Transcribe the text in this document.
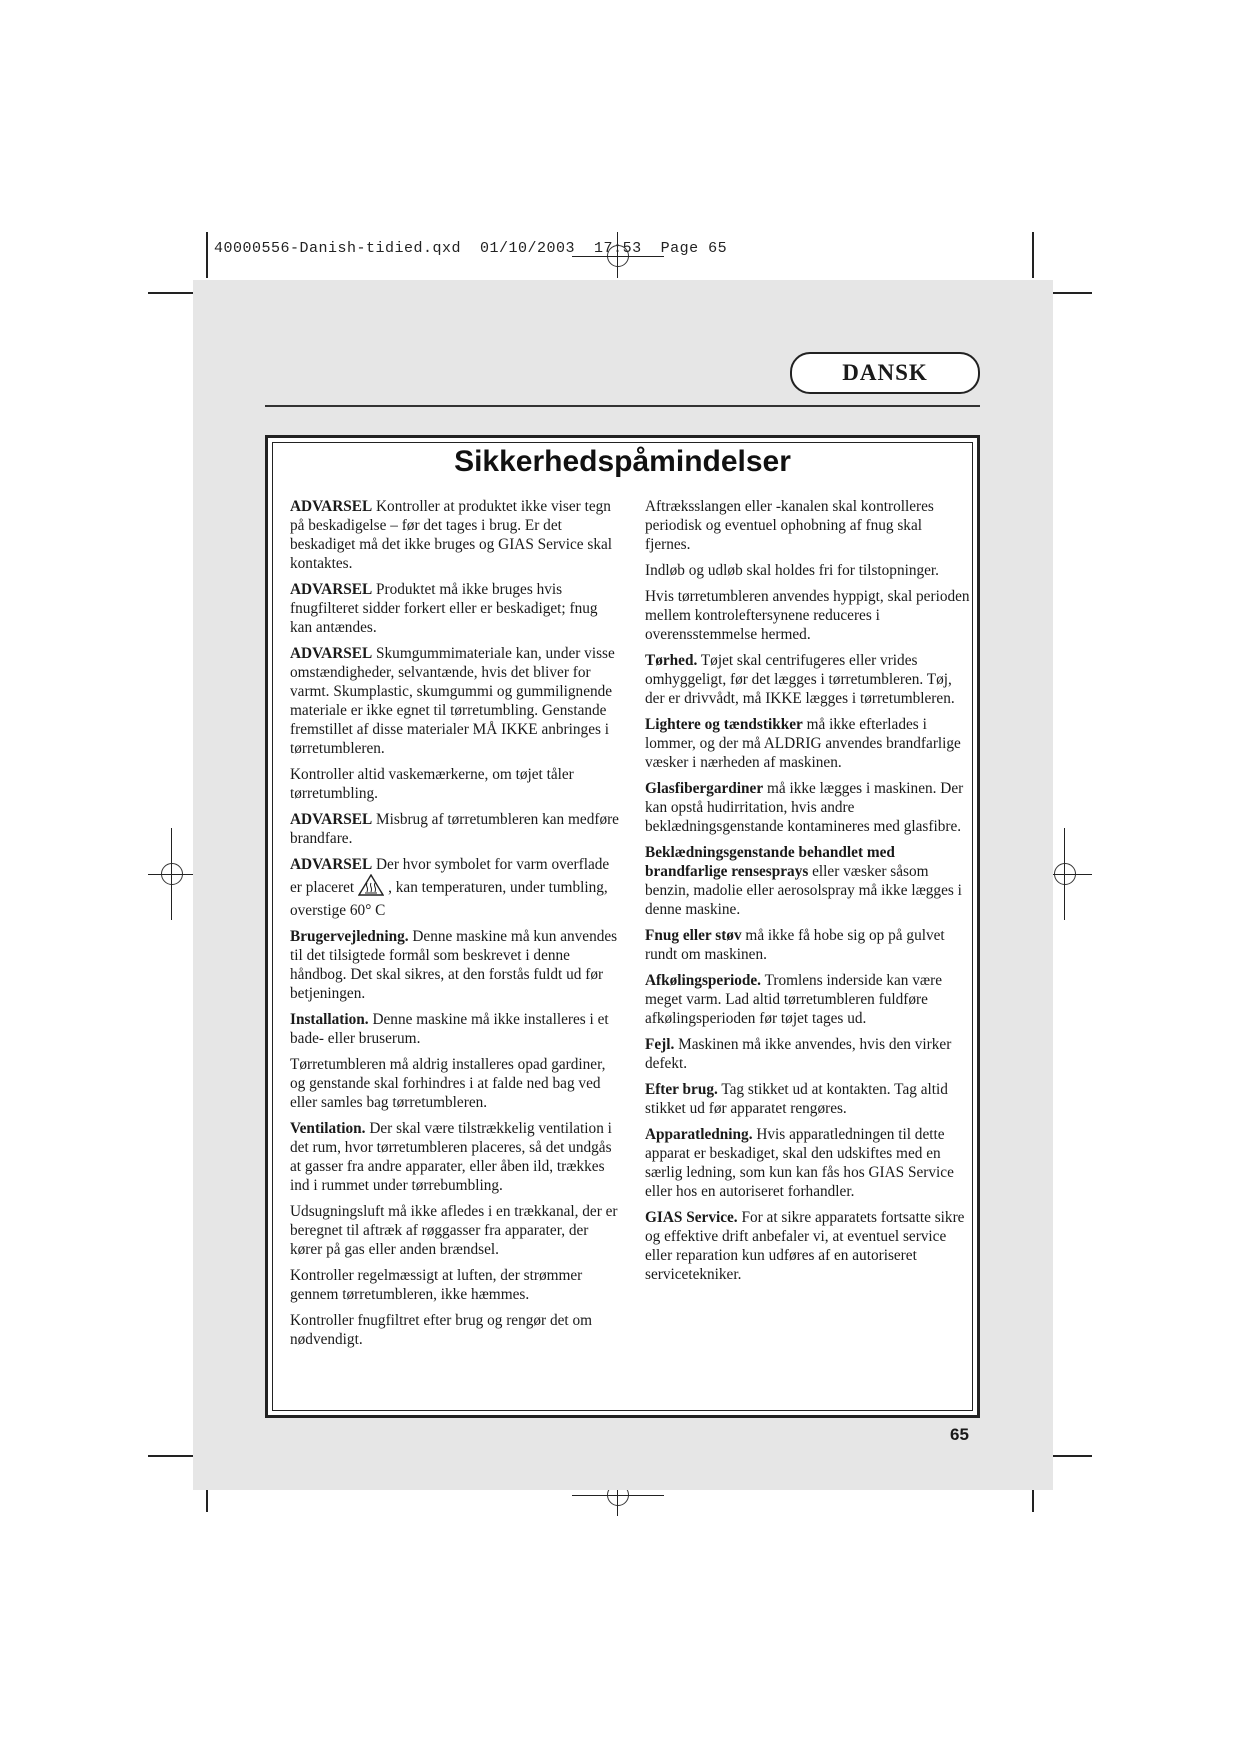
40000556-Danish-tidied.qxd  01/10/2003  17:53  Page 65
DANSK
Sikkerhedspåmindelser

ADVARSEL Kontroller at produktet ikke viser tegn på beskadigelse – før det tages i brug. Er det beskadiget må det ikke bruges og GIAS Service skal kontaktes.

ADVARSEL Produktet må ikke bruges hvis fnugfilteret sidder forkert eller er beskadiget; fnug kan antændes.

ADVARSEL Skumgummimateriale kan, under visse omstændigheder, selvantænde, hvis det bliver for varmt. Skumplastic, skumgummi og gummilignende materiale er ikke egnet til tørretumbling. Genstande fremstillet af disse materialer MÅ IKKE anbringes i tørretumbleren.

Kontroller altid vaskemærkerne, om tøjet tåler tørretumbling.

ADVARSEL Misbrug af tørretumbleren kan medføre brandfare.

ADVARSEL Der hvor symbolet for varm overflade er placeret , kan temperaturen, under tumbling, overstige 60° C

Brugervejledning. Denne maskine må kun anvendes til det tilsigtede formål som beskrevet i denne håndbog. Det skal sikres, at den forstås fuldt ud før betjeningen.

Installation. Denne maskine må ikke installeres i et bade- eller bruserum.

Tørretumbleren må aldrig installeres opad gardiner, og genstande skal forhindres i at falde ned bag ved eller samles bag tørretumbleren.

Ventilation. Der skal være tilstrækkelig ventilation i det rum, hvor tørretumbleren placeres, så det undgås at gasser fra andre apparater, eller åben ild, trækkes ind i rummet under tørrebumbling.

Udsugningsluft må ikke afledes i en trækkanal, der er beregnet til aftræk af røggasser fra apparater, der kører på gas eller anden brændsel.

Kontroller regelmæssigt at luften, der strømmer gennem tørretumbleren, ikke hæmmes.

Kontroller fnugfiltret efter brug og rengør det om nødvendigt.

Aftræksslangen eller -kanalen skal kontrolleres periodisk og eventuel ophobning af fnug skal fjernes.

Indløb og udløb skal holdes fri for tilstopninger.

Hvis tørretumbleren anvendes hyppigt, skal perioden mellem kontroleftersynene reduceres i overensstemmelse hermed.

Tørhed. Tøjet skal centrifugeres eller vrides omhyggeligt, før det lægges i tørretumbleren. Tøj, der er drivvådt, må IKKE lægges i tørretumbleren.

Lightere og tændstikker må ikke efterlades i lommer, og der må ALDRIG anvendes brandfarlige væsker i nærheden af maskinen.

Glasfibergardiner må ikke lægges i maskinen. Der kan opstå hudirritation, hvis andre beklædningsgenstande kontamineres med glasfibre.

Beklædningsgenstande behandlet med brandfarlige rensesprays eller væsker såsom benzin, madolie eller aerosolspray må ikke lægges i denne maskine.

Fnug eller støv må ikke få hobe sig op på gulvet rundt om maskinen.

Afkølingsperiode. Tromlens inderside kan være meget varm. Lad altid tørretumbleren fuldføre afkølingsperioden før tøjet tages ud.

Fejl. Maskinen må ikke anvendes, hvis den virker defekt.

Efter brug. Tag stikket ud at kontakten. Tag altid stikket ud før apparatet rengøres.

Apparatledning. Hvis apparatledningen til dette apparat er beskadiget, skal den udskiftes med en særlig ledning, som kun kan fås hos GIAS Service eller hos en autoriseret forhandler.

GIAS Service. For at sikre apparatets fortsatte sikre og effektive drift anbefaler vi, at eventuel service eller reparation kun udføres af en autoriseret servicetekniker.

65
